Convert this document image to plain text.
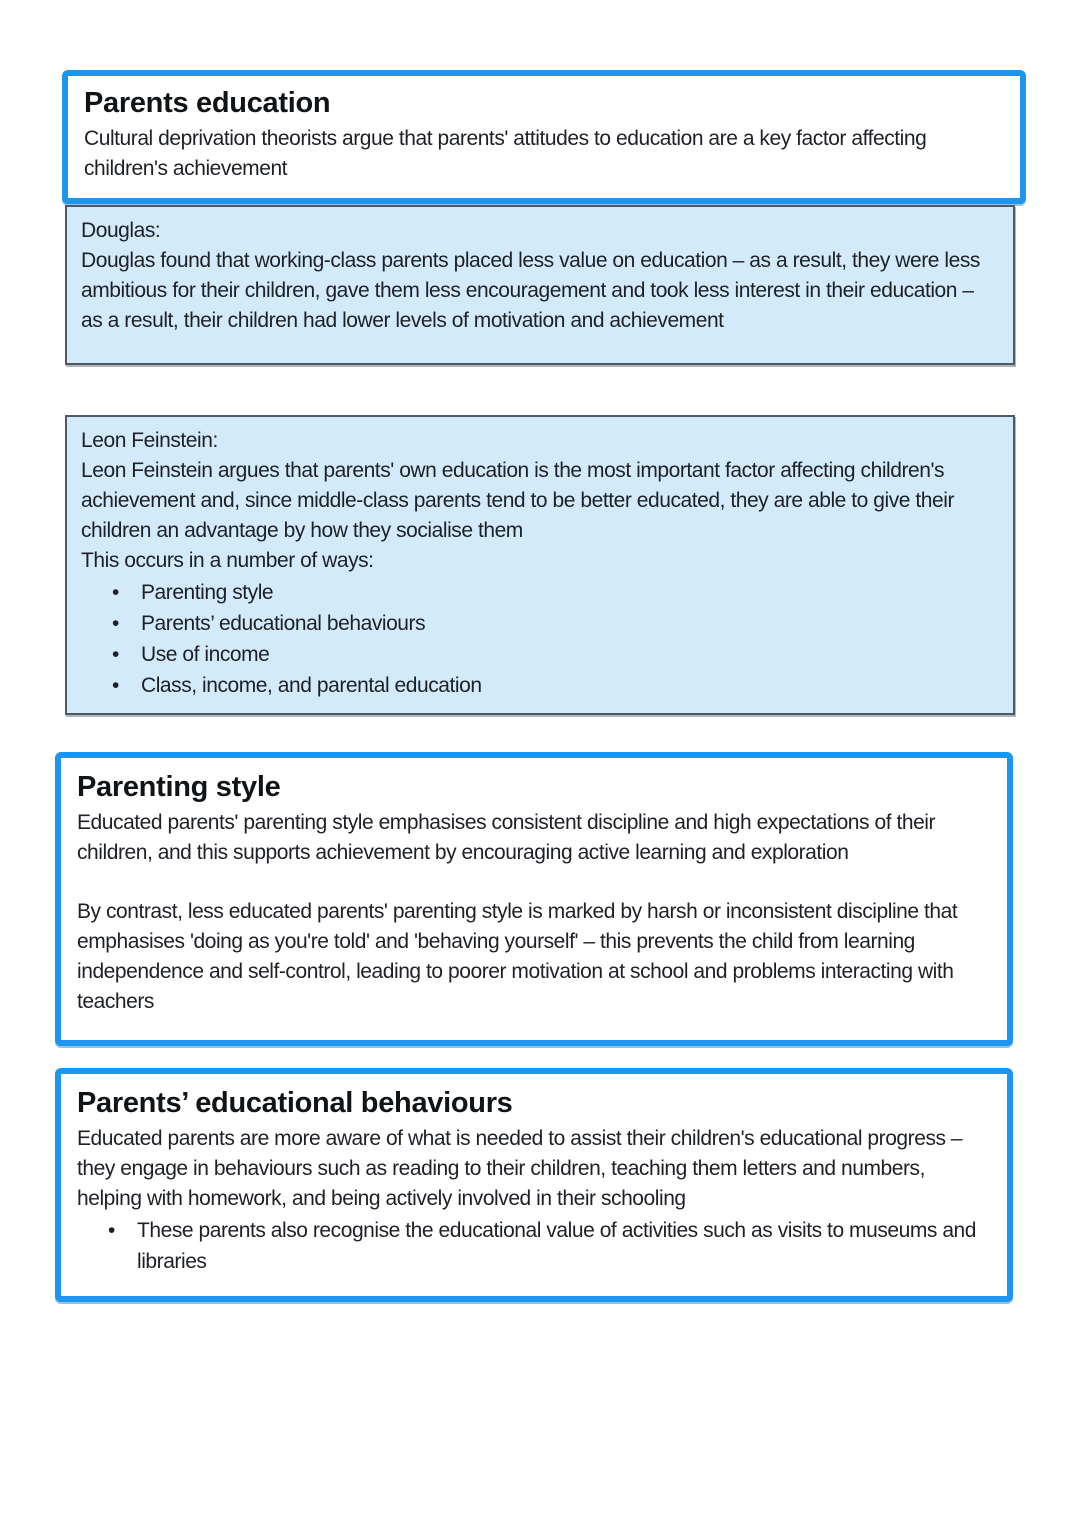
Parents education

Cultural deprivation theorists argue that parents' attitudes to education are a key factor affecting children's achievement

Douglas:

Douglas found that working-class parents placed less value on education – as a result, they were less ambitious for their children, gave them less encouragement and took less interest in their education – as a result, their children had lower levels of motivation and achievement

Leon Feinstein:

Leon Feinstein argues that parents' own education is the most important factor affecting children's achievement and, since middle-class parents tend to be better educated, they are able to give their children an advantage by how they socialise them

This occurs in a number of ways:

• Parenting style
• Parents’ educational behaviours
• Use of income
• Class, income, and parental education
Parenting style

Educated parents' parenting style emphasises consistent discipline and high expectations of their children, and this supports achievement by encouraging active learning and exploration

By contrast, less educated parents' parenting style is marked by harsh or inconsistent discipline that emphasises 'doing as you're told' and 'behaving yourself' – this prevents the child from learning independence and self-control, leading to poorer motivation at school and problems interacting with teachers

Parents’ educational behaviours

Educated parents are more aware of what is needed to assist their children's educational progress – they engage in behaviours such as reading to their children, teaching them letters and numbers, helping with homework, and being actively involved in their schooling

• These parents also recognise the educational value of activities such as visits to museums and libraries
